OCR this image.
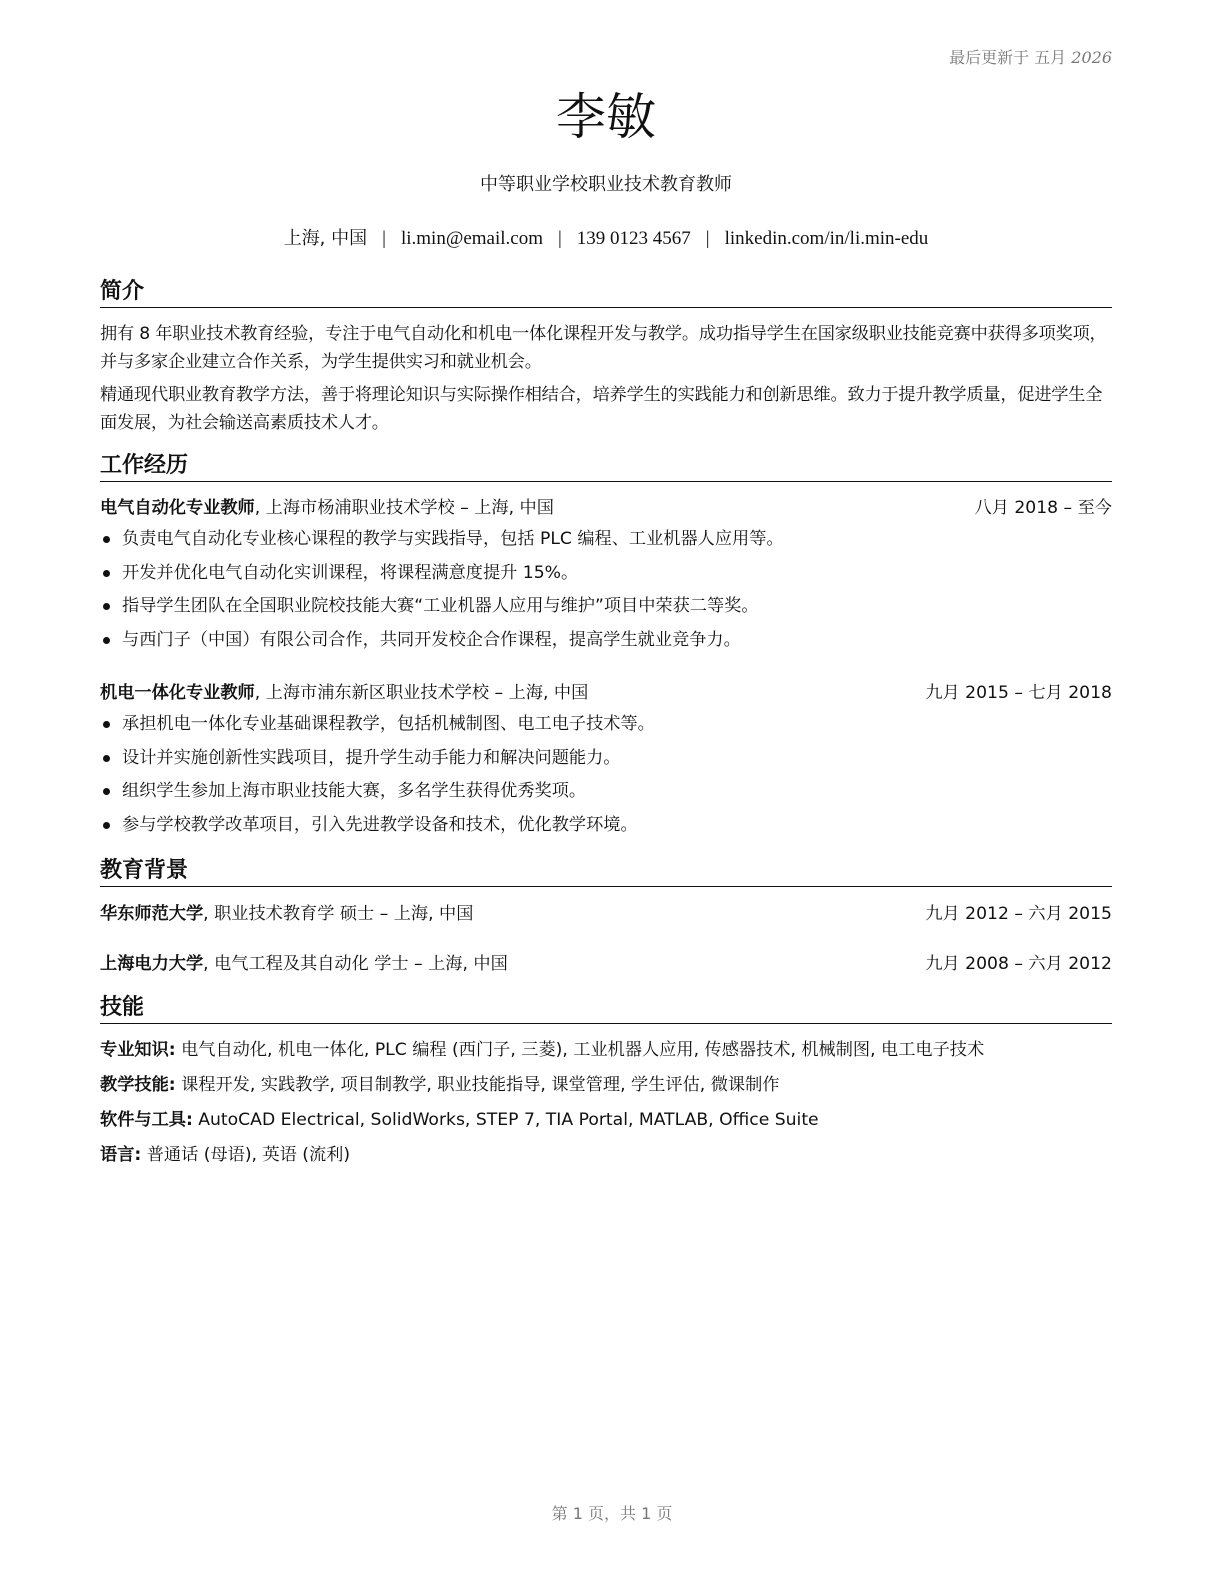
最后更新于 五月 2026
李敏
中等职业学校职业技术教育教师
上海, 中国 | li.min@email.com | 139 0123 4567 | linkedin.com/in/li.min-edu
简介
拥有 8 年职业技术教育经验，专注于电气自动化和机电一体化课程开发与教学。成功指导学生在国家级职业技能竞赛中获得多项奖项，并与多家企业建立合作关系，为学生提供实习和就业机会。
精通现代职业教育教学方法，善于将理论知识与实际操作相结合，培养学生的实践能力和创新思维。致力于提升教学质量，促进学生全面发展，为社会输送高素质技术人才。
工作经历
电气自动化专业教师, 上海市杨浦职业技术学校 – 上海, 中国	八月 2018 – 至今
负责电气自动化专业核心课程的教学与实践指导，包括 PLC 编程、工业机器人应用等。
开发并优化电气自动化实训课程，将课程满意度提升 15%。
指导学生团队在全国职业院校技能大赛“工业机器人应用与维护”项目中荣获二等奖。
与西门子（中国）有限公司合作，共同开发校企合作课程，提高学生就业竞争力。
机电一体化专业教师, 上海市浦东新区职业技术学校 – 上海, 中国	九月 2015 – 七月 2018
承担机电一体化专业基础课程教学，包括机械制图、电工电子技术等。
设计并实施创新性实践项目，提升学生动手能力和解决问题能力。
组织学生参加上海市职业技能大赛，多名学生获得优秀奖项。
参与学校教学改革项目，引入先进教学设备和技术，优化教学环境。
教育背景
华东师范大学, 职业技术教育学 硕士 – 上海, 中国	九月 2012 – 六月 2015
上海电力大学, 电气工程及其自动化 学士 – 上海, 中国	九月 2008 – 六月 2012
技能
专业知识: 电气自动化, 机电一体化, PLC 编程 (西门子, 三菱), 工业机器人应用, 传感器技术, 机械制图, 电工电子技术
教学技能: 课程开发, 实践教学, 项目制教学, 职业技能指导, 课堂管理, 学生评估, 微课制作
软件与工具: AutoCAD Electrical, SolidWorks, STEP 7, TIA Portal, MATLAB, Office Suite
语言: 普通话 (母语), 英语 (流利)
第 1 页，共 1 页
